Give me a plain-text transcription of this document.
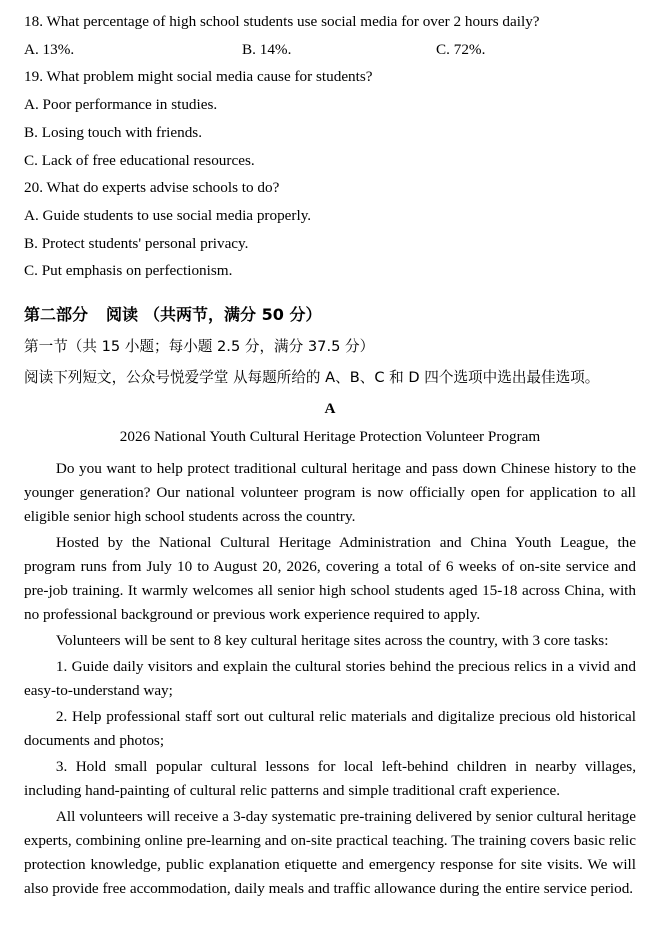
18. What percentage of high school students use social media for over 2 hours daily?
A. 13%.	B. 14%.	C. 72%.
19. What problem might social media cause for students?
A. Poor performance in studies.
B. Losing touch with friends.
C. Lack of free educational resources.
20. What do experts advise schools to do?
A. Guide students to use social media properly.
B. Protect students' personal privacy.
C. Put emphasis on perfectionism.
第二部分 阅读 （共两节，满分 50 分）
第一节（共 15 小题；每小题 2.5 分，满分 37.5 分）
阅读下列短文，公众号悦爱学堂 从每题所给的 A、B、C 和 D 四个选项中选出最佳选项。
A
2026 National Youth Cultural Heritage Protection Volunteer Program
Do you want to help protect traditional cultural heritage and pass down Chinese history to the younger generation? Our national volunteer program is now officially open for application to all eligible senior high school students across the country.
Hosted by the National Cultural Heritage Administration and China Youth League, the program runs from July 10 to August 20, 2026, covering a total of 6 weeks of on-site service and pre-job training. It warmly welcomes all senior high school students aged 15-18 across China, with no professional background or previous work experience required to apply.
Volunteers will be sent to 8 key cultural heritage sites across the country, with 3 core tasks:
1. Guide daily visitors and explain the cultural stories behind the precious relics in a vivid and easy-to-understand way;
2. Help professional staff sort out cultural relic materials and digitalize precious old historical documents and photos;
3. Hold small popular cultural lessons for local left-behind children in nearby villages, including hand-painting of cultural relic patterns and simple traditional craft experience.
All volunteers will receive a 3-day systematic pre-training delivered by senior cultural heritage experts, combining online pre-learning and on-site practical teaching. The training covers basic relic protection knowledge, public explanation etiquette and emergency response for site visits. We will also provide free accommodation, daily meals and traffic allowance during the entire service period.
